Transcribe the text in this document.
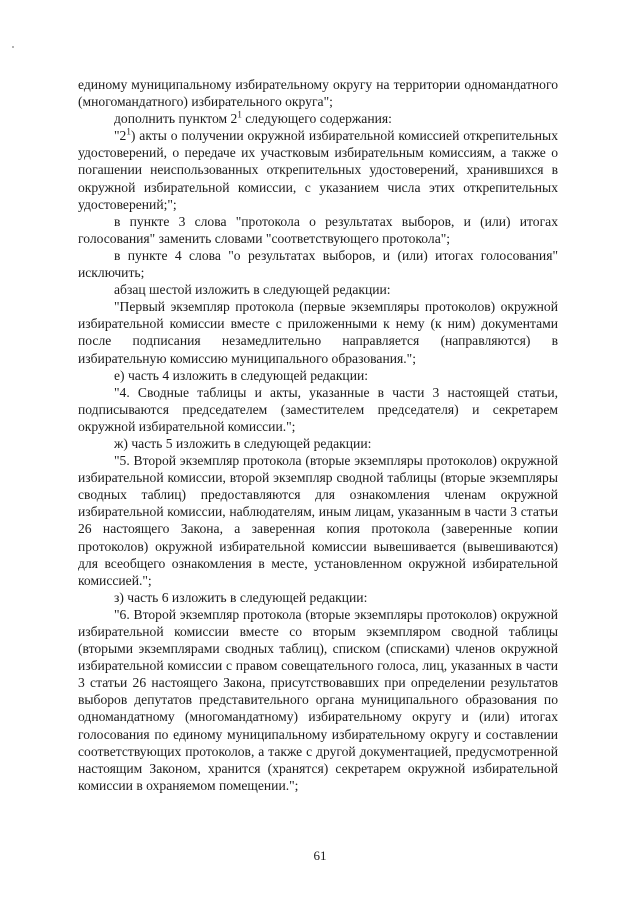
единому муниципальному избирательному округу на территории одномандатного (многомандатного) избирательного округа";

дополнить пунктом $2^1$ следующего содержания:

"$2^1$) акты о получении окружной избирательной комиссией открепительных удостоверений, о передаче их участковым избирательным комиссиям, а также о погашении неиспользованных открепительных удостоверений, хранившихся в окружной избирательной комиссии, с указанием числа этих открепительных удостоверений;";

в пункте 3 слова "протокола о результатах выборов, и (или) итогах голосования" заменить словами "соответствующего протокола";

в пункте 4 слова "о результатах выборов, и (или) итогах голосования" исключить;

абзац шестой изложить в следующей редакции:

"Первый экземпляр протокола (первые экземпляры протоколов) окружной избирательной комиссии вместе с приложенными к нему (к ним) документами после подписания незамедлительно направляется (направляются) в избирательную комиссию муниципального образования.";

е) часть 4 изложить в следующей редакции:

"4. Сводные таблицы и акты, указанные в части 3 настоящей статьи, подписываются председателем (заместителем председателя) и секретарем окружной избирательной комиссии.";

ж) часть 5 изложить в следующей редакции:

"5. Второй экземпляр протокола (вторые экземпляры протоколов) окружной избирательной комиссии, второй экземпляр сводной таблицы (вторые экземпляры сводных таблиц) предоставляются для ознакомления членам окружной избирательной комиссии, наблюдателям, иным лицам, указанным в части 3 статьи 26 настоящего Закона, а заверенная копия протокола (заверенные копии протоколов) окружной избирательной комиссии вывешивается (вывешиваются) для всеобщего ознакомления в месте, установленном окружной избирательной комиссией.";

з) часть 6 изложить в следующей редакции:

"6. Второй экземпляр протокола (вторые экземпляры протоколов) окружной избирательной комиссии вместе со вторым экземпляром сводной таблицы (вторыми экземплярами сводных таблиц), списком (списками) членов окружной избирательной комиссии с правом совещательного голоса, лиц, указанных в части 3 статьи 26 настоящего Закона, присутствовавших при определении результатов выборов депутатов представительного органа муниципального образования по одномандатному (многомандатному) избирательному округу и (или) итогах голосования по единому муниципальному избирательному округу и составлении соответствующих протоколов, а также с другой документацией, предусмотренной настоящим Законом, хранится (хранятся) секретарем окружной избирательной комиссии в охраняемом помещении.";

61
